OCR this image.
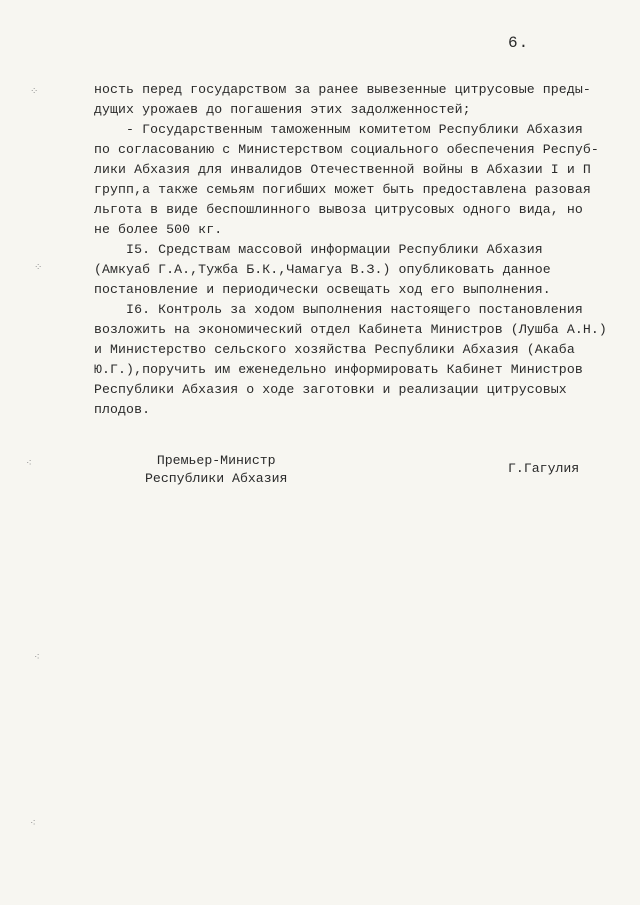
6.
ность перед государством за ранее вывезенные цитрусовые преды-
дущих урожаев до погашения этих задолженностей;
- Государственным таможенным комитетом Республики Абхазия
по согласованию с Министерством социального обеспечения Респуб-
лики Абхазия для инвалидов Отечественной войны в Абхазии I и П
групп,а также семьям погибших может быть предоставлена разовая
льгота в виде беспошлинного вывоза цитрусовых одного вида, но
не более 500 кг.
I5. Средствам массовой информации Республики Абхазия
(Амкуаб Г.А.,Тужба Б.К.,Чамагуа В.З.) опубликовать данное
постановление и периодически освещать ход его выполнения.
I6. Контроль за ходом выполнения настоящего постановления
возложить на экономический отдел Кабинета Министров (Лушба А.Н.)
и Министерство сельского хозяйства Республики Абхазия (Акаба
Ю.Г.),поручить им еженедельно информировать Кабинет Министров
Республики Абхазия о ходе заготовки и реализации цитрусовых
плодов.
Премьер-Министр
Республики Абхазия
Г.Гагулия
⁘
⁘
⁖
⁖
⁖
